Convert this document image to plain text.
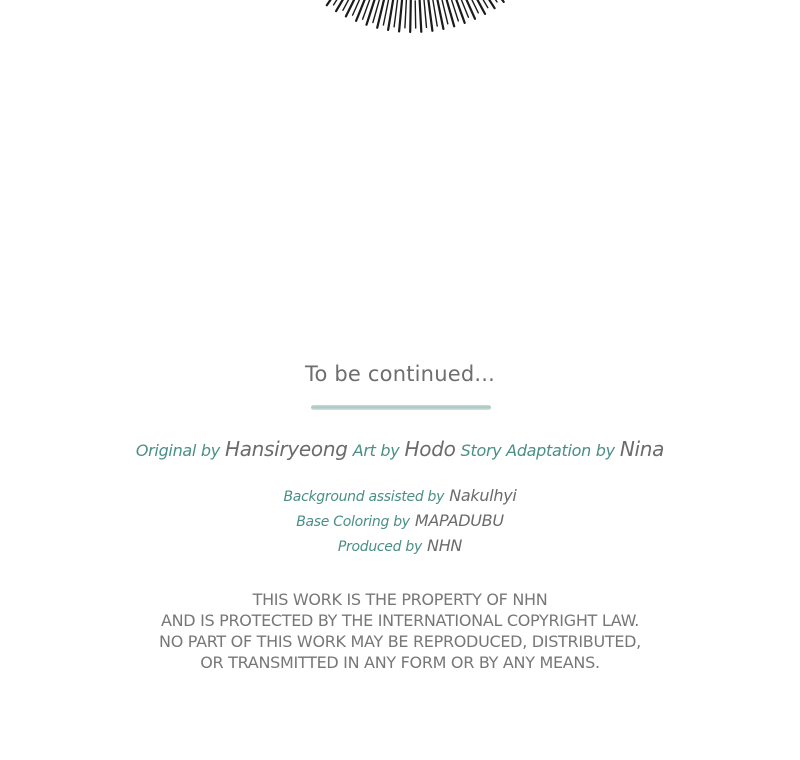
To be continued...
Original by Hansiryeong Art by Hodo Story Adaptation by Nina
Background assisted by Nakulhyi
Base Coloring by MAPADUBU
Produced by NHN
THIS WORK IS THE PROPERTY OF NHN
AND IS PROTECTED BY THE INTERNATIONAL COPYRIGHT LAW.
NO PART OF THIS WORK MAY BE REPRODUCED, DISTRIBUTED,
OR TRANSMITTED IN ANY FORM OR BY ANY MEANS.
